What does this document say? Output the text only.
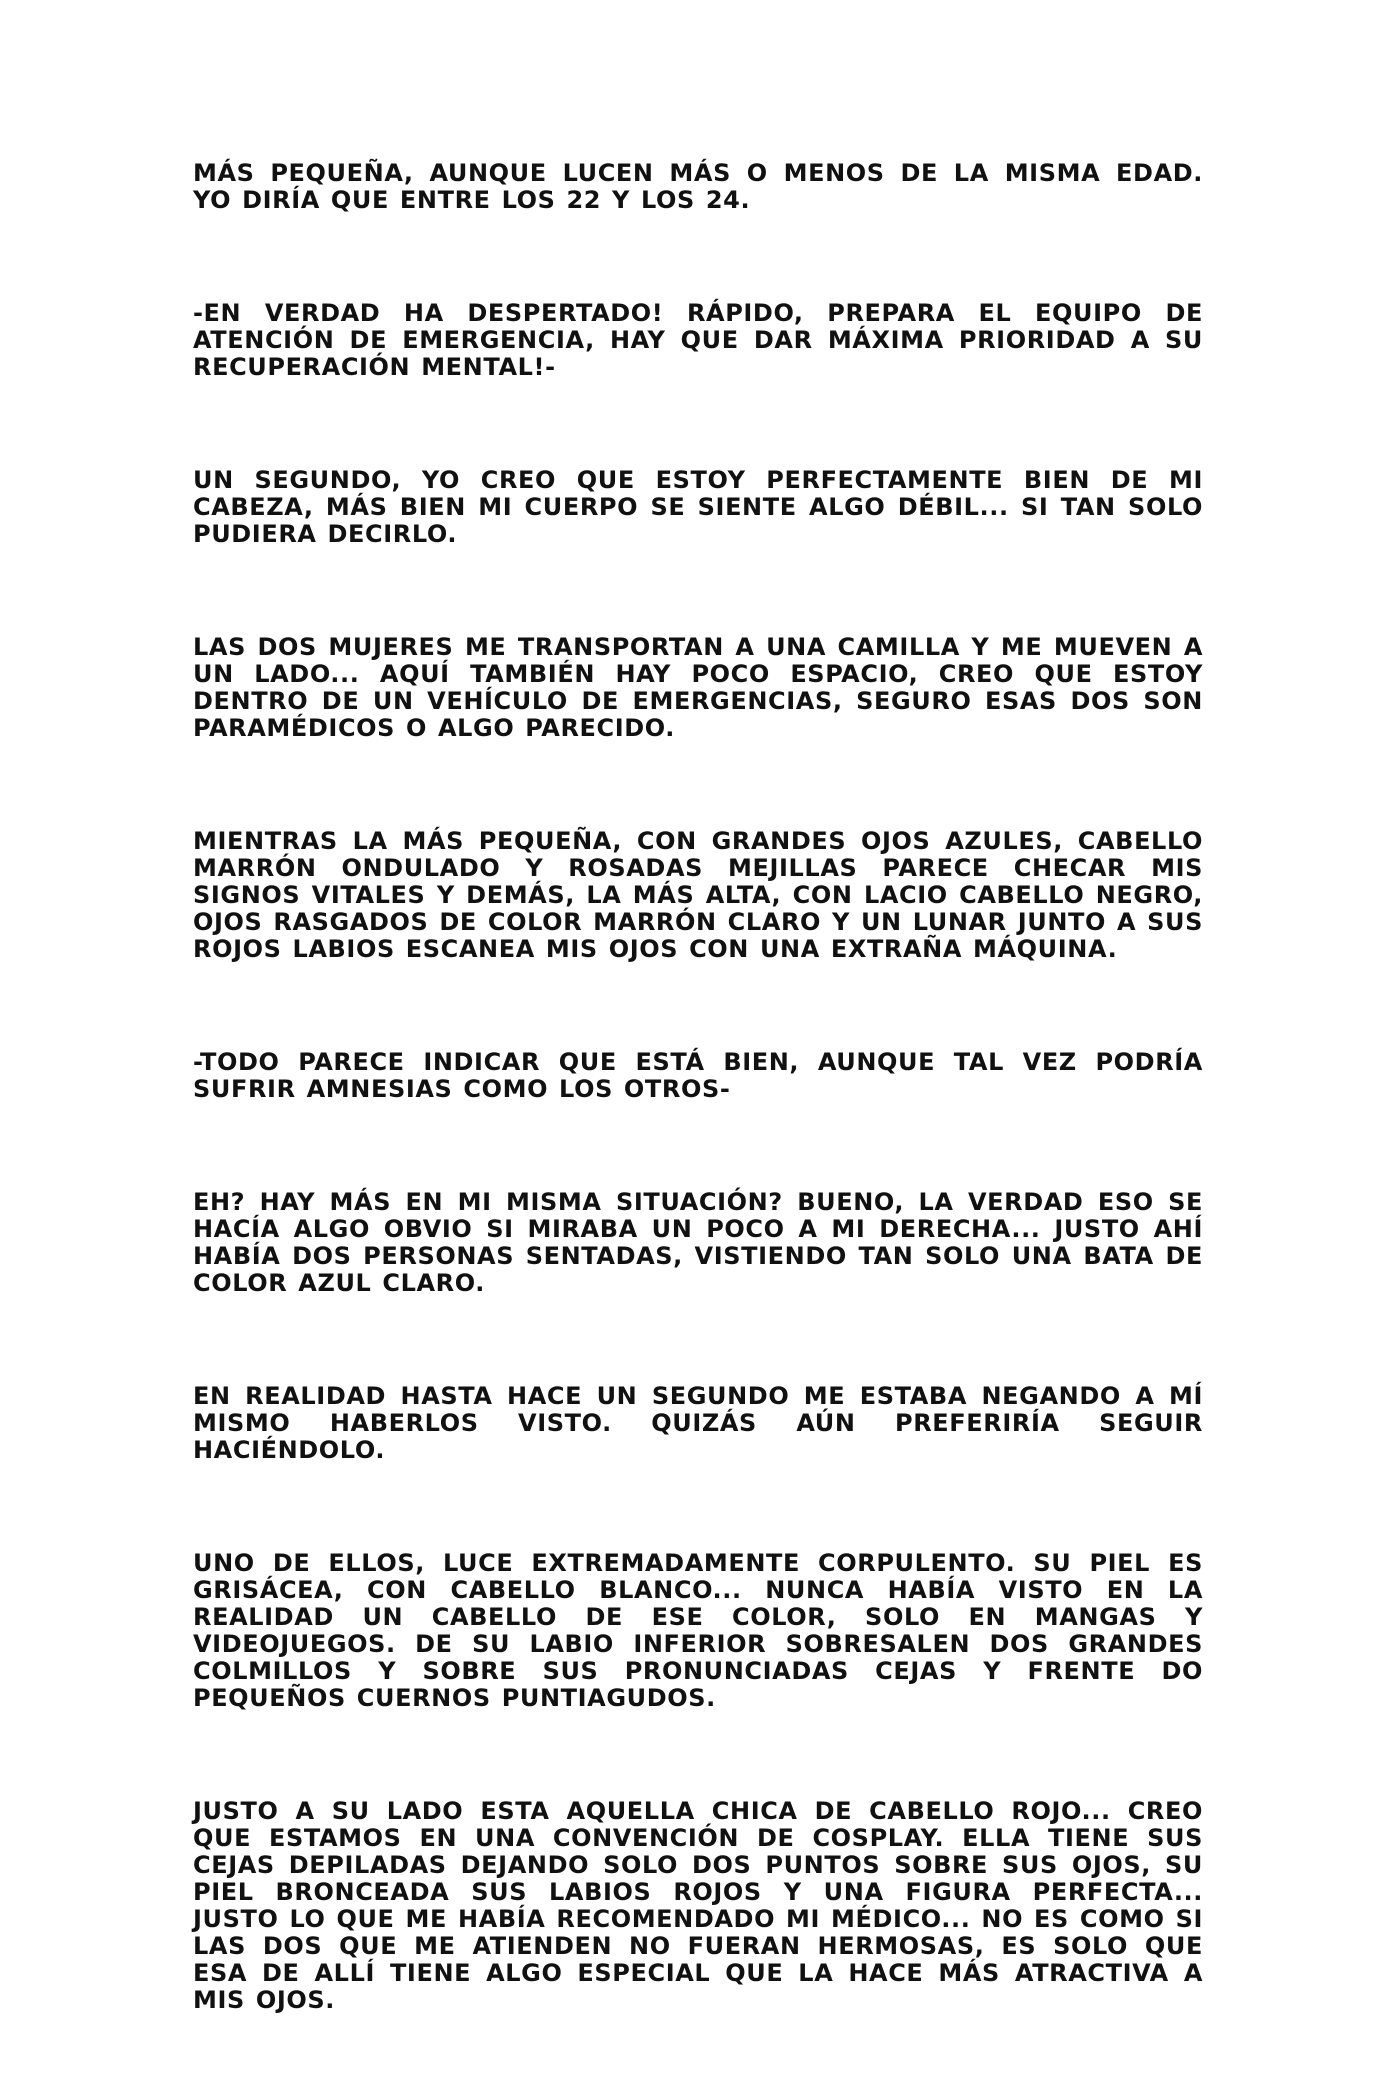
MÁS PEQUEÑA, AUNQUE LUCEN MÁS O MENOS DE LA MISMA EDAD. YO DIRÍA QUE ENTRE LOS 22 Y LOS 24.

-EN VERDAD HA DESPERTADO! RÁPIDO, PREPARA EL EQUIPO DE ATENCIÓN DE EMERGENCIA, HAY QUE DAR MÁXIMA PRIORIDAD A SU RECUPERACIÓN MENTAL!-

UN SEGUNDO, YO CREO QUE ESTOY PERFECTAMENTE BIEN DE MI CABEZA, MÁS BIEN MI CUERPO SE SIENTE ALGO DÉBIL... SI TAN SOLO PUDIERA DECIRLO.

LAS DOS MUJERES ME TRANSPORTAN A UNA CAMILLA Y ME MUEVEN A UN LADO... AQUÍ TAMBIÉN HAY POCO ESPACIO, CREO QUE ESTOY DENTRO DE UN VEHÍCULO DE EMERGENCIAS, SEGURO ESAS DOS SON PARAMÉDICOS O ALGO PARECIDO.

MIENTRAS LA MÁS PEQUEÑA, CON GRANDES OJOS AZULES, CABELLO MARRÓN ONDULADO Y ROSADAS MEJILLAS PARECE CHECAR MIS SIGNOS VITALES Y DEMÁS, LA MÁS ALTA, CON LACIO CABELLO NEGRO, OJOS RASGADOS DE COLOR MARRÓN CLARO Y UN LUNAR JUNTO A SUS ROJOS LABIOS ESCANEA MIS OJOS CON UNA EXTRAÑA MÁQUINA.

-TODO PARECE INDICAR QUE ESTÁ BIEN, AUNQUE TAL VEZ PODRÍA SUFRIR AMNESIAS COMO LOS OTROS-

EH? HAY MÁS EN MI MISMA SITUACIÓN? BUENO, LA VERDAD ESO SE HACÍA ALGO OBVIO SI MIRABA UN POCO A MI DERECHA... JUSTO AHÍ HABÍA DOS PERSONAS SENTADAS, VISTIENDO TAN SOLO UNA BATA DE COLOR AZUL CLARO.

EN REALIDAD HASTA HACE UN SEGUNDO ME ESTABA NEGANDO A MÍ MISMO HABERLOS VISTO. QUIZÁS AÚN PREFERIRÍA SEGUIR HACIÉNDOLO.

UNO DE ELLOS, LUCE EXTREMADAMENTE CORPULENTO. SU PIEL ES GRISÁCEA, CON CABELLO BLANCO... NUNCA HABÍA VISTO EN LA REALIDAD UN CABELLO DE ESE COLOR, SOLO EN MANGAS Y VIDEOJUEGOS. DE SU LABIO INFERIOR SOBRESALEN DOS GRANDES COLMILLOS Y SOBRE SUS PRONUNCIADAS CEJAS Y FRENTE DO PEQUEÑOS CUERNOS PUNTIAGUDOS.

JUSTO A SU LADO ESTA AQUELLA CHICA DE CABELLO ROJO... CREO QUE ESTAMOS EN UNA CONVENCIÓN DE COSPLAY. ELLA TIENE SUS CEJAS DEPILADAS DEJANDO SOLO DOS PUNTOS SOBRE SUS OJOS, SU PIEL BRONCEADA SUS LABIOS ROJOS Y UNA FIGURA PERFECTA... JUSTO LO QUE ME HABÍA RECOMENDADO MI MÉDICO... NO ES COMO SI LAS DOS QUE ME ATIENDEN NO FUERAN HERMOSAS, ES SOLO QUE ESA DE ALLÍ TIENE ALGO ESPECIAL QUE LA HACE MÁS ATRACTIVA A MIS OJOS.
